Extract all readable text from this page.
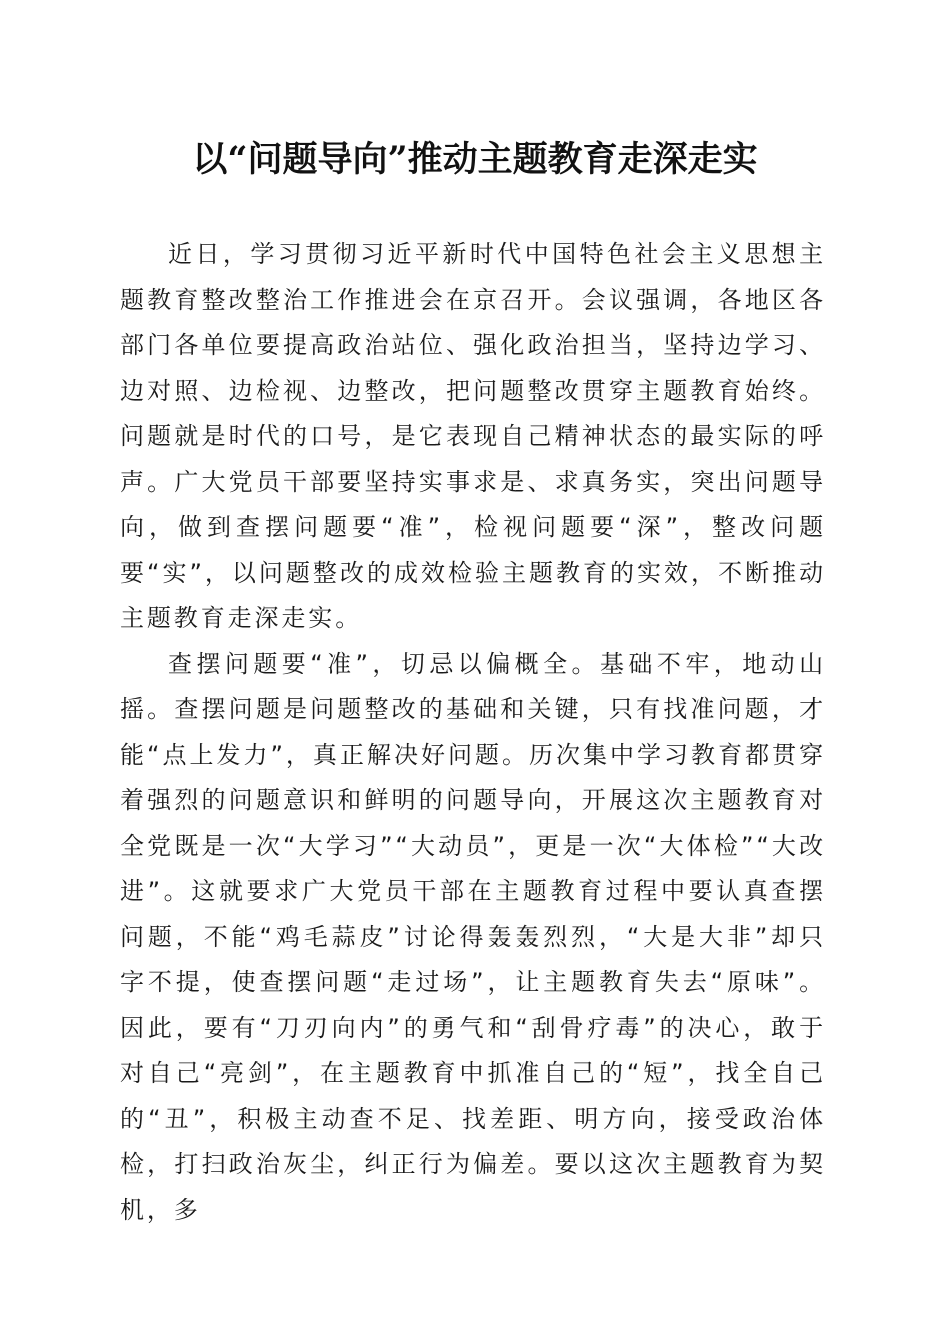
以“问题导向”推动主题教育走深走实

近日，学习贯彻习近平新时代中国特色社会主义思想主题教育整改整治工作推进会在京召开。会议强调，各地区各部门各单位要提高政治站位、强化政治担当，坚持边学习、边对照、边检视、边整改，把问题整改贯穿主题教育始终。问题就是时代的口号，是它表现自己精神状态的最实际的呼声。广大党员干部要坚持实事求是、求真务实，突出问题导向，做到查摆问题要“准”，检视问题要“深”，整改问题要“实”，以问题整改的成效检验主题教育的实效，不断推动主题教育走深走实。

查摆问题要“准”，切忌以偏概全。基础不牢，地动山摇。查摆问题是问题整改的基础和关键，只有找准问题，才能“点上发力”，真正解决好问题。历次集中学习教育都贯穿着强烈的问题意识和鲜明的问题导向，开展这次主题教育对全党既是一次“大学习”“大动员”，更是一次“大体检”“大改进”。这就要求广大党员干部在主题教育过程中要认真查摆问题，不能“鸡毛蒜皮”讨论得轰轰烈烈，“大是大非”却只字不提，使查摆问题“走过场”，让主题教育失去“原味”。因此，要有“刀刃向内”的勇气和“刮骨疗毒”的决心，敢于对自己“亮剑”，在主题教育中抓准自己的“短”，找全自己的“丑”，积极主动查不足、找差距、明方向，接受政治体检，打扫政治灰尘，纠正行为偏差。要以这次主题教育为契机，多
